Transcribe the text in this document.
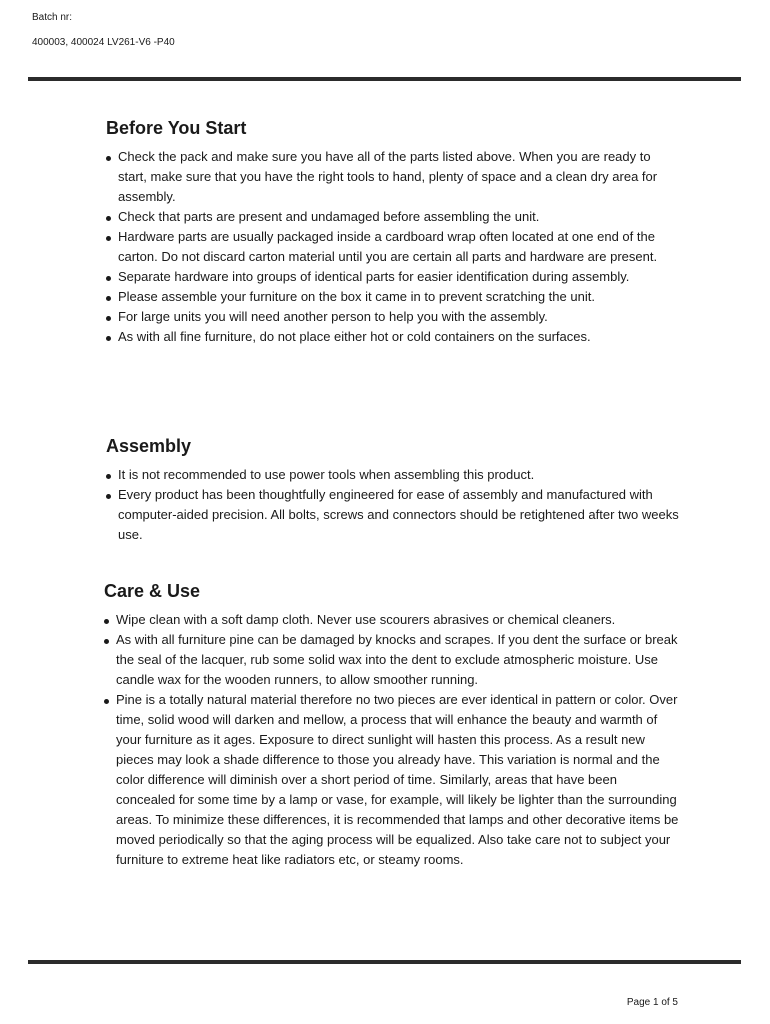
Batch nr:
400003, 400024 LV261-V6 -P40
Before You Start
Check the pack and make sure you have all of the parts listed above. When you are ready to start, make sure that you have the right tools to hand, plenty of space and a clean dry area for assembly.
Check that parts are present and undamaged before assembling the unit.
Hardware parts are usually packaged inside a cardboard wrap often located at one end of the carton. Do not discard carton material until you are certain all parts and hardware are present.
Separate hardware into groups of identical parts for easier identification during assembly.
Please assemble your furniture on the box it came in to prevent scratching the unit.
For large units you will need another person to help you with the assembly.
As with all fine furniture, do not place either hot or cold containers on the surfaces.
Assembly
It is not recommended to use power tools when assembling this product.
Every product has been thoughtfully engineered for ease of assembly and manufactured with computer-aided precision. All bolts, screws and connectors should be retightened after two weeks use.
Care & Use
Wipe clean with a soft damp cloth. Never use scourers abrasives or chemical cleaners.
As with all furniture pine can be damaged by knocks and scrapes. If you dent the surface or break the seal of the lacquer, rub some solid wax into the dent to exclude atmospheric moisture. Use candle wax for the wooden runners, to allow smoother running.
Pine is a totally natural material therefore no two pieces are ever identical in pattern or color. Over time, solid wood will darken and mellow, a process that will enhance the beauty and warmth of your furniture as it ages. Exposure to direct sunlight will hasten this process. As a result new pieces may look a shade difference to those you already have. This variation is normal and the color difference will diminish over a short period of time. Similarly, areas that have been concealed for some time by a lamp or vase, for example, will likely be lighter than the surrounding areas. To minimize these differences, it is recommended that lamps and other decorative items be moved periodically so that the aging process will be equalized. Also take care not to subject your furniture to extreme heat like radiators etc, or steamy rooms.
Page 1 of 5
